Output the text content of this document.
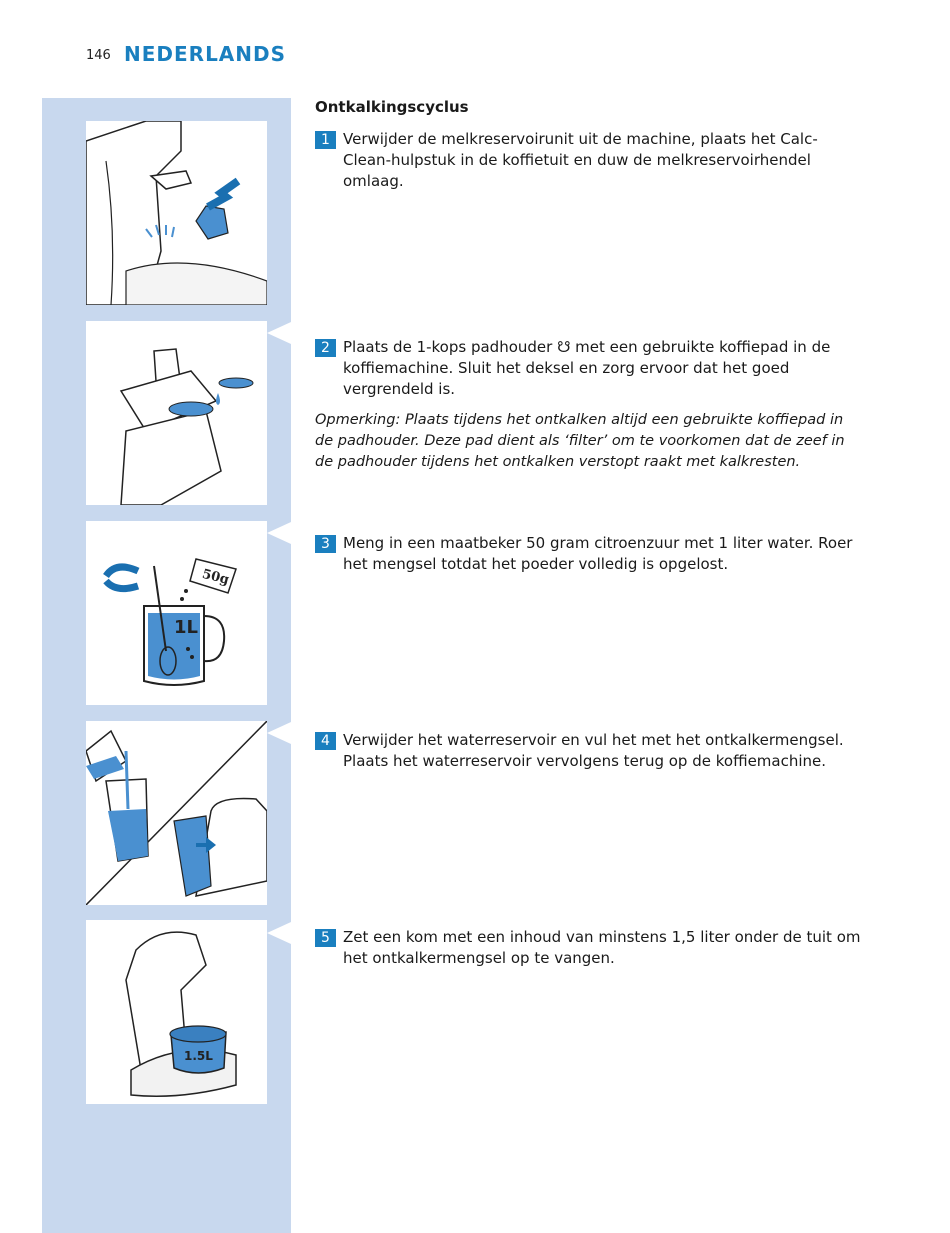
146 NEDERLANDS
50g
1L
1.5L
Ontkalkingscyclus
1 Verwijder de melkreservoirunit uit de machine, plaats het Calc-Clean-hulpstuk in de koffietuit en duw de melkreservoirhendel omlaag.
2 Plaats de 1-kops padhouder ☋ met een gebruikte koffiepad in de koffiemachine. Sluit het deksel en zorg ervoor dat het goed vergrendeld is.
Opmerking: Plaats tijdens het ontkalken altijd een gebruikte koffiepad in de padhouder. Deze pad dient als ‘filter’ om te voorkomen dat de zeef in de padhouder tijdens het ontkalken verstopt raakt met kalkresten.
3 Meng in een maatbeker 50 gram citroenzuur met 1 liter water. Roer het mengsel totdat het poeder volledig is opgelost.
4 Verwijder het waterreservoir en vul het met het ontkalkermengsel. Plaats het waterreservoir vervolgens terug op de koffiemachine.
5 Zet een kom met een inhoud van minstens 1,5 liter onder de tuit om het ontkalkermengsel op te vangen.
